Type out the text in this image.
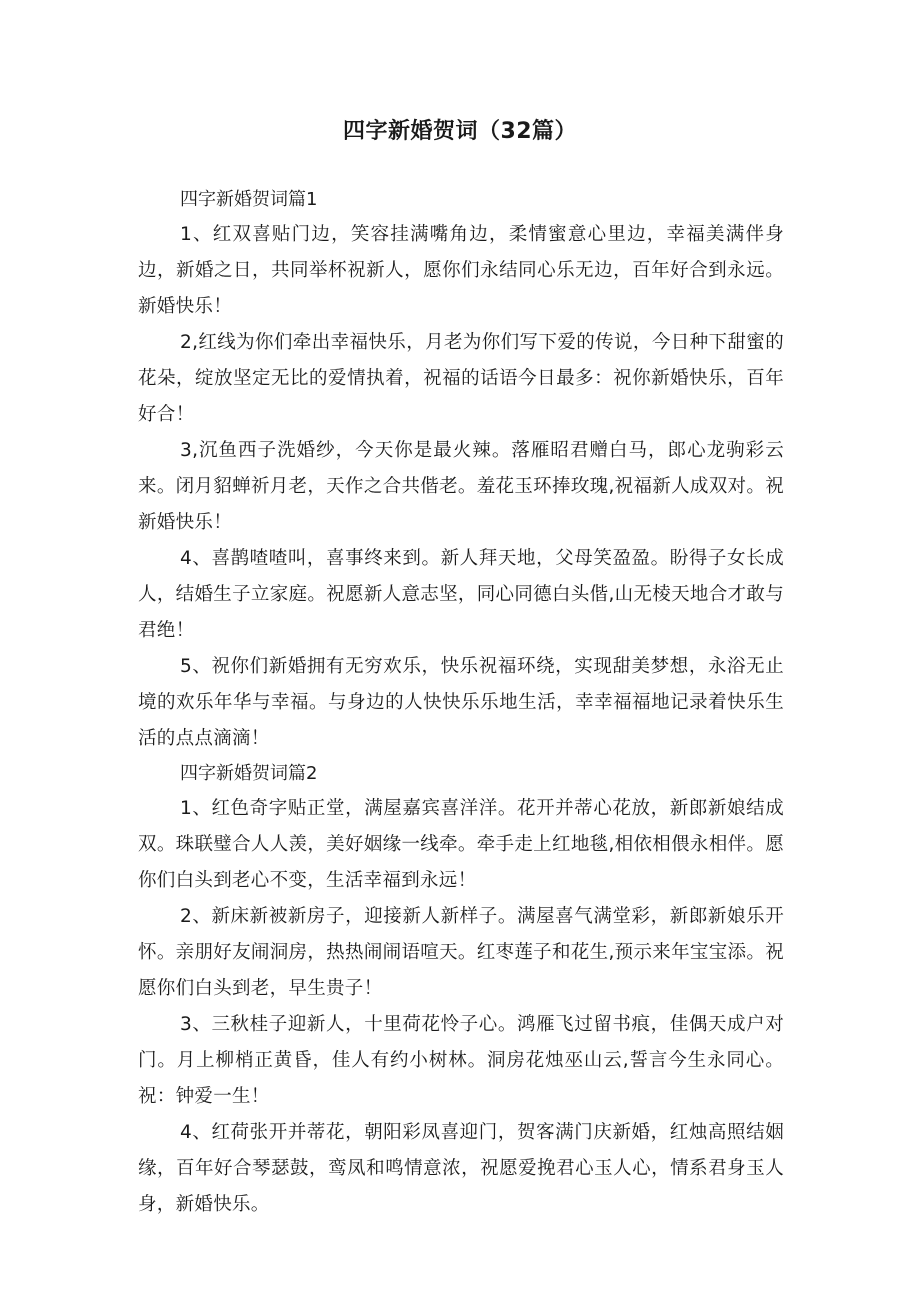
四字新婚贺词（32篇）

四字新婚贺词篇1

1、红双喜贴门边，笑容挂满嘴角边，柔情蜜意心里边，幸福美满伴身边，新婚之日，共同举杯祝新人，愿你们永结同心乐无边，百年好合到永远。新婚快乐！

2,红线为你们牵出幸福快乐，月老为你们写下爱的传说，今日种下甜蜜的花朵，绽放坚定无比的爱情执着，祝福的话语今日最多：祝你新婚快乐，百年好合！

3,沉鱼西子洗婚纱，今天你是最火辣。落雁昭君赠白马，郎心龙驹彩云来。闭月貂蝉祈月老，天作之合共偕老。羞花玉环捧玫瑰,祝福新人成双对。祝新婚快乐！

4、喜鹊喳喳叫，喜事终来到。新人拜天地，父母笑盈盈。盼得子女长成人，结婚生子立家庭。祝愿新人意志坚，同心同德白头偕,山无棱天地合才敢与君绝！

5、祝你们新婚拥有无穷欢乐，快乐祝福环绕，实现甜美梦想，永浴无止境的欢乐年华与幸福。与身边的人快快乐乐地生活，幸幸福福地记录着快乐生活的点点滴滴！

四字新婚贺词篇2

1、红色奇字贴正堂，满屋嘉宾喜洋洋。花开并蒂心花放，新郎新娘结成双。珠联璧合人人羡，美好姻缘一线牵。牵手走上红地毯,相依相偎永相伴。愿你们白头到老心不变，生活幸福到永远！

2、新床新被新房子，迎接新人新样子。满屋喜气满堂彩，新郎新娘乐开怀。亲朋好友闹洞房，热热闹闹语喧天。红枣莲子和花生,预示来年宝宝添。祝愿你们白头到老，早生贵子！

3、三秋桂子迎新人，十里荷花怜子心。鸿雁飞过留书痕，佳偶天成户对门。月上柳梢正黄昏，佳人有约小树林。洞房花烛巫山云,誓言今生永同心。祝：钟爱一生！

4、红荷张开并蒂花，朝阳彩凤喜迎门，贺客满门庆新婚，红烛高照结姻缘，百年好合琴瑟鼓，鸾凤和鸣情意浓，祝愿爱挽君心玉人心，情系君身玉人身，新婚快乐。
